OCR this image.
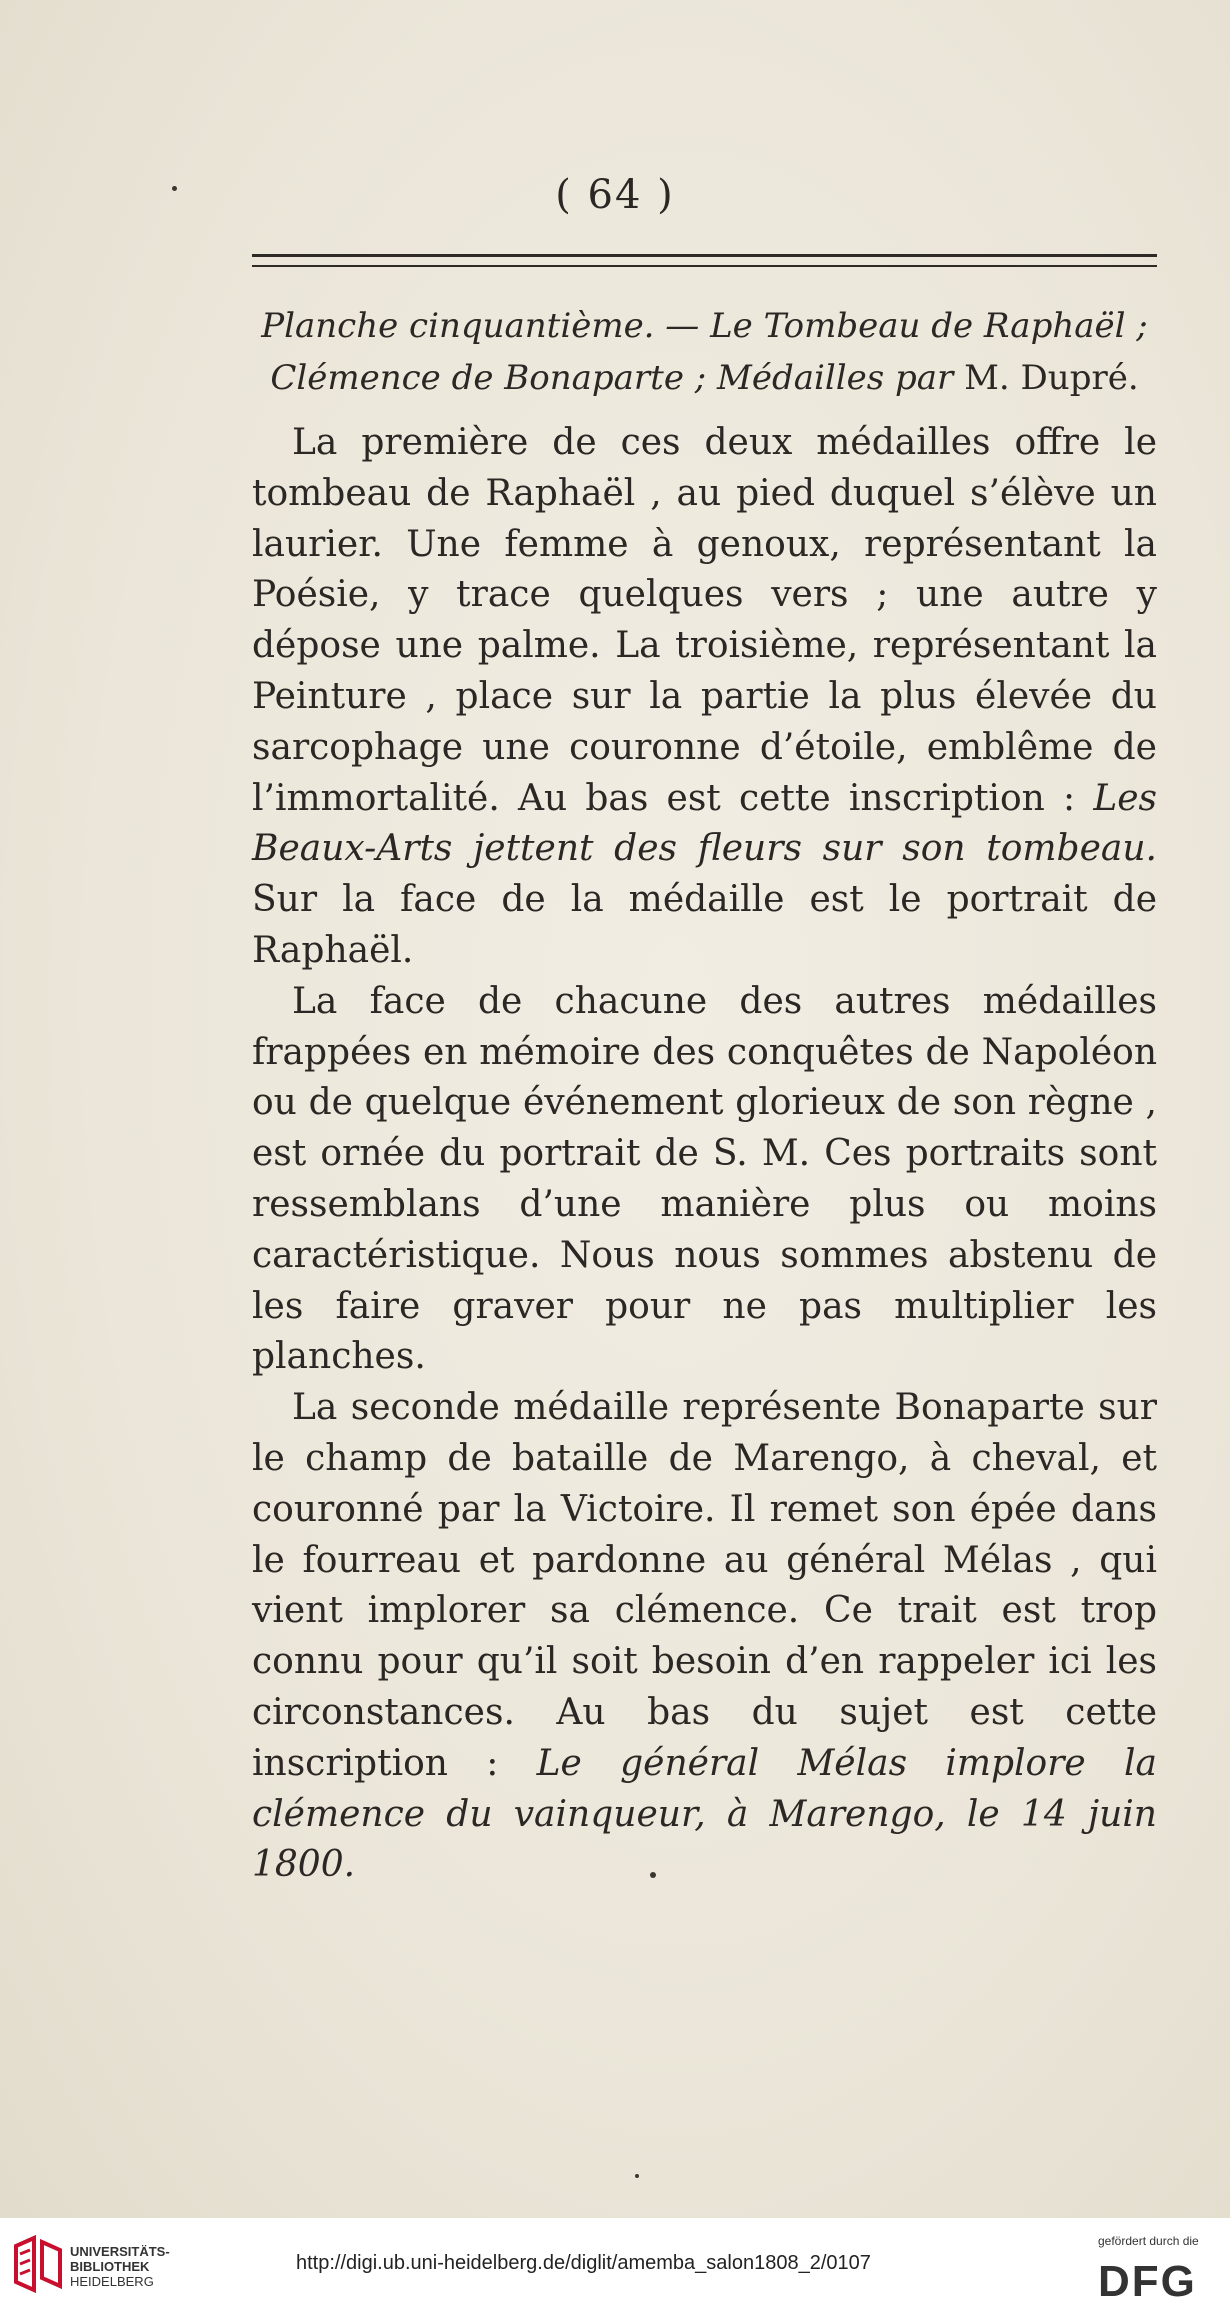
( 64 )
Planche cinquantième. — Le Tombeau de Raphaël ;
Clémence de Bonaparte ; Médailles par M. Dupré.

La première de ces deux médailles offre le tombeau de Raphaël , au pied duquel s’élève un laurier. Une femme à genoux, représentant la Poésie, y trace quelques vers ; une autre y dépose une palme. La troisième, représentant la Peinture , place sur la partie la plus élevée du sarcophage une couronne d’étoile, emblême de l’immortalité. Au bas est cette inscription : Les Beaux-Arts jettent des fleurs sur son tombeau. Sur la face de la médaille est le portrait de Raphaël.

La face de chacune des autres médailles frappées en mémoire des conquêtes de Napoléon ou de quelque événement glorieux de son règne , est ornée du portrait de S. M. Ces portraits sont ressemblans d’une manière plus ou moins caractéristique. Nous nous sommes abstenu de les faire graver pour ne pas multiplier les planches.

La seconde médaille représente Bonaparte sur le champ de bataille de Marengo, à cheval, et couronné par la Victoire. Il remet son épée dans le fourreau et pardonne au général Mélas , qui vient implorer sa clémence. Ce trait est trop connu pour qu’il soit besoin d’en rappeler ici les circonstances. Au bas du sujet est cette inscription : Le général Mélas implore la clémence du vainqueur, à Marengo, le 14 juin 1800.

UNIVERSITÄTS-
BIBLIOTHEK
HEIDELBERG
http://digi.ub.uni-heidelberg.de/diglit/amemba_salon1808_2/0107
gefördert durch die
DFG
